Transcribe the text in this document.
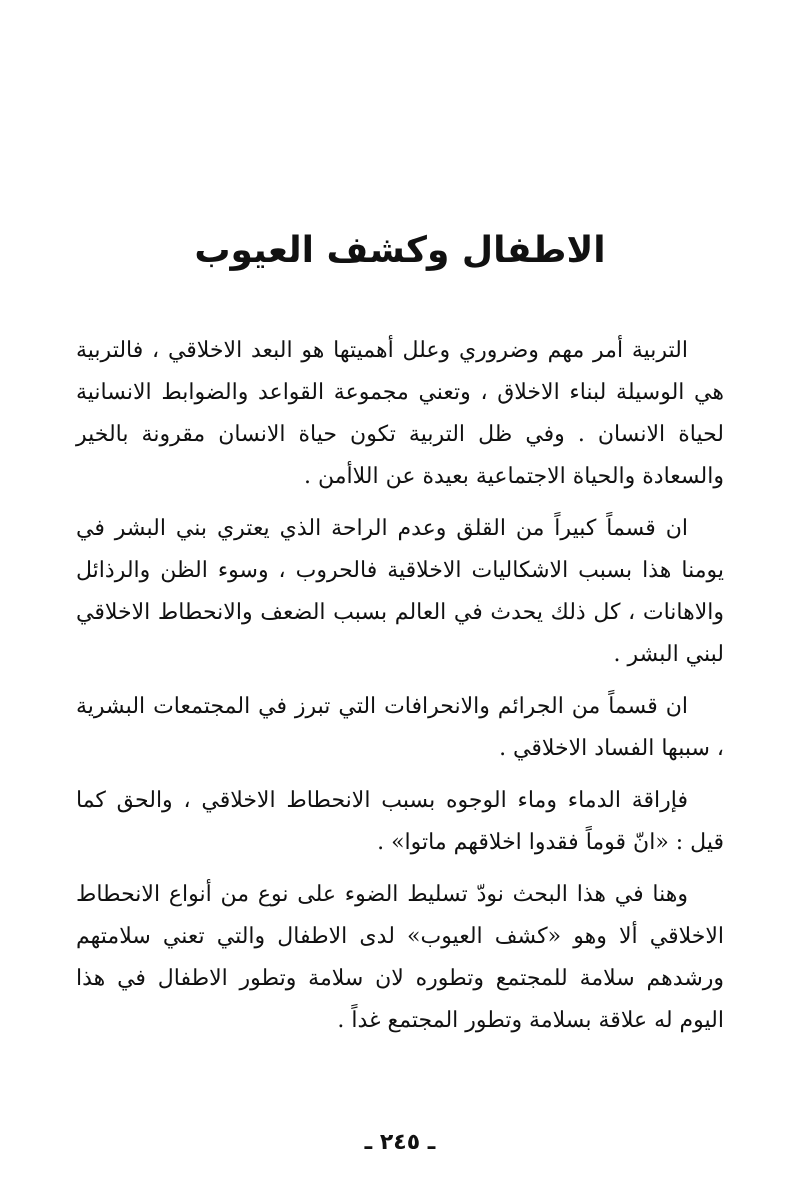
الاطفال وكشف العيوب

التربية أمر مهم وضروري وعلل أهميتها هو البعد الاخلاقي ، فالتربية هي الوسيلة لبناء الاخلاق ، وتعني مجموعة القواعد والضوابط الانسانية لحياة الانسان . وفي ظل التربية تكون حياة الانسان مقرونة بالخير والسعادة والحياة الاجتماعية بعيدة عن اللاأمن .

ان قسماً كبيراً من القلق وعدم الراحة الذي يعتري بني البشر في يومنا هذا بسبب الاشكاليات الاخلاقية فالحروب ، وسوء الظن والرذائل والاهانات ، كل ذلك يحدث في العالم بسبب الضعف والانحطاط الاخلاقي لبني البشر .

ان قسماً من الجرائم والانحرافات التي تبرز في المجتمعات البشرية ، سببها الفساد الاخلاقي .

فإراقة الدماء وماء الوجوه بسبب الانحطاط الاخلاقي ، والحق كما قيل : «انّ قوماً فقدوا اخلاقهم ماتوا» .

وهنا في هذا البحث نودّ تسليط الضوء على نوع من أنواع الانحطاط الاخلاقي ألا وهو «كشف العيوب» لدى الاطفال والتي تعني سلامتهم ورشدهم سلامة للمجتمع وتطوره لان سلامة وتطور الاطفال في هذا اليوم له علاقة بسلامة وتطور المجتمع غداً .

ـ ٢٤٥ ـ
